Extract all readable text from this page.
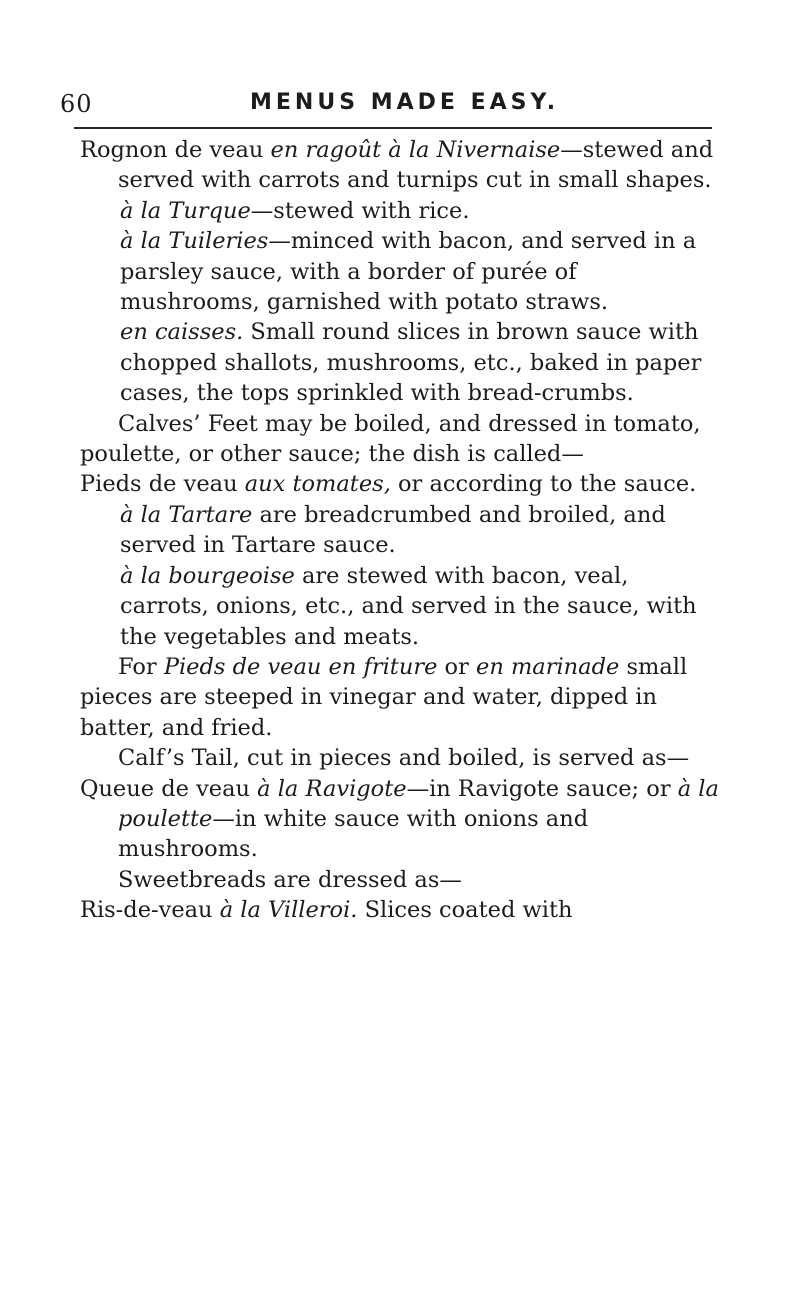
60	MENUS MADE EASY.

Rognon de veau en ragoût à la Nivernaise—stewed and served with carrots and turnips cut in small shapes.

à la Turque—stewed with rice.

à la Tuileries—minced with bacon, and served in a parsley sauce, with a border of purée of mushrooms, garnished with potato straws.

en caisses. Small round slices in brown sauce with chopped shallots, mushrooms, etc., baked in paper cases, the tops sprinkled with bread-crumbs.

Calves’ Feet may be boiled, and dressed in tomato, poulette, or other sauce; the dish is called—

Pieds de veau aux tomates, or according to the sauce.

à la Tartare are breadcrumbed and broiled, and served in Tartare sauce.

à la bourgeoise are stewed with bacon, veal, carrots, onions, etc., and served in the sauce, with the vegetables and meats.

For Pieds de veau en friture or en marinade small pieces are steeped in vinegar and water, dipped in batter, and fried.

Calf’s Tail, cut in pieces and boiled, is served as—

Queue de veau à la Ravigote—in Ravigote sauce; or à la poulette—in white sauce with onions and mushrooms.

Sweetbreads are dressed as—

Ris-de-veau à la Villeroi. Slices coated with
